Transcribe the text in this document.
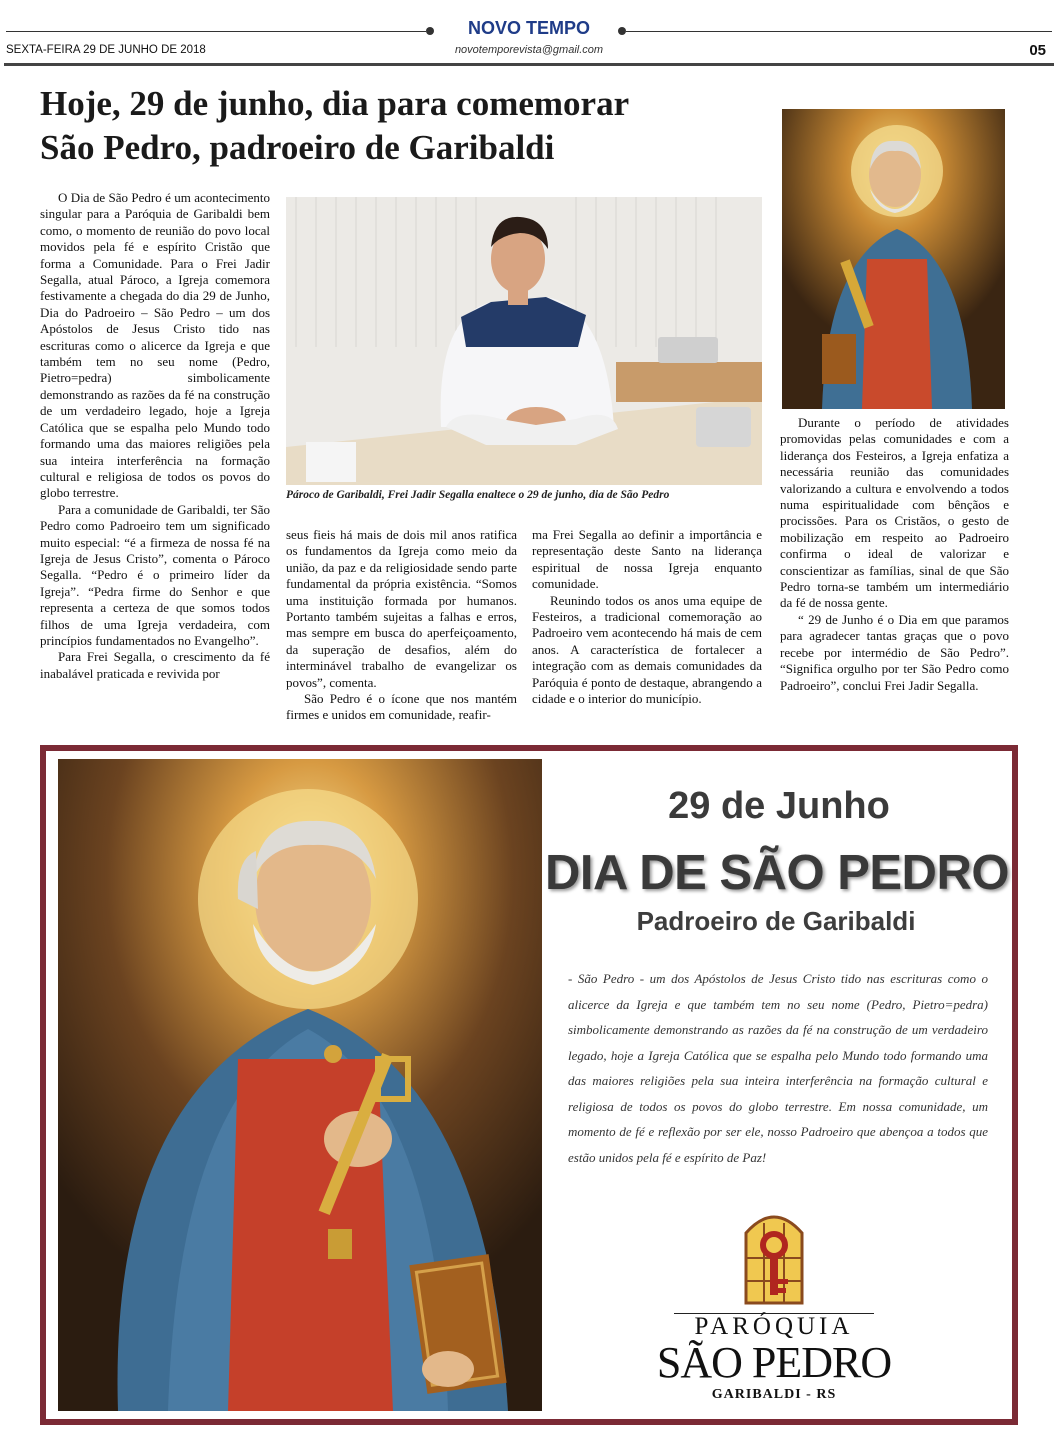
NOVO TEMPO
SEXTA-FEIRA 29 DE JUNHO DE 2018	novotemporevista@gmail.com	05
Hoje, 29 de junho, dia para comemorar
São Pedro, padroeiro de Garibaldi

O Dia de São Pedro é um acontecimento singular para a Paróquia de Garibaldi bem como, o momento de reunião do povo local movidos pela fé e espírito Cristão que forma a Comunidade. Para o Frei Jadir Segalla, atual Pároco, a Igreja comemora festivamente a chegada do dia 29 de Junho, Dia do Padroeiro – São Pedro – um dos Apóstolos de Jesus Cristo tido nas escrituras como o alicerce da Igreja e que também tem no seu nome (Pedro, Pietro=pedra) simbolicamente demonstrando as razões da fé na construção de um verdadeiro legado, hoje a Igreja Católica que se espalha pelo Mundo todo formando uma das maiores religiões pela sua inteira interferência na formação cultural e religiosa de todos os povos do globo terrestre.

Para a comunidade de Garibaldi, ter São Pedro como Padroeiro tem um significado muito especial: “é a firmeza de nossa fé na Igreja de Jesus Cristo”, comenta o Pároco Segalla. “Pedro é o primeiro líder da Igreja”. “Pedra firme do Senhor e que representa a certeza de que somos todos filhos de uma Igreja verdadeira, com princípios fundamentados no Evangelho”.

Para Frei Segalla, o crescimento da fé inabalável praticada e revivida por

Pároco de Garibaldi, Frei Jadir Segalla enaltece o 29 de junho, dia de São Pedro

seus fieis há mais de dois mil anos ratifica os fundamentos da Igreja como meio da união, da paz e da religiosidade sendo parte fundamental da própria existência. “Somos uma instituição formada por humanos. Portanto também sujeitas a falhas e erros, mas sempre em busca do aperfeiçoamento, da superação de desafios, além do interminável trabalho de evangelizar os povos”, comenta.

São Pedro é o ícone que nos mantém firmes e unidos em comunidade, reafir-

ma Frei Segalla ao definir a importância e representação deste Santo na liderança espiritual de nossa Igreja enquanto comunidade.

Reunindo todos os anos uma equipe de Festeiros, a tradicional comemoração ao Padroeiro vem acontecendo há mais de cem anos. A característica de fortalecer a integração com as demais comunidades da Paróquia é ponto de destaque, abrangendo a cidade e o interior do município.

Durante o período de atividades promovidas pelas comunidades e com a liderança dos Festeiros, a Igreja enfatiza a necessária reunião das comunidades valorizando a cultura e envolvendo a todos numa espiritualidade com bênçãos e procissões. Para os Cristãos, o gesto de mobilização em respeito ao Padroeiro confirma o ideal de valorizar e conscientizar as famílias, sinal de que São Pedro torna-se também um intermediário da fé de nossa gente.

“ 29 de Junho é o Dia em que paramos para agradecer tantas graças que o povo recebe por intermédio de São Pedro”. “Significa orgulho por ter São Pedro como Padroeiro”, conclui Frei Jadir Segalla.

29 de Junho
DIA DE SÃO PEDRO
Padroeiro de Garibaldi
- São Pedro - um dos Apóstolos de Jesus Cristo tido nas escrituras como o alicerce da Igreja e que também tem no seu nome (Pedro, Pietro=pedra) simbolicamente demonstrando as razões da fé na construção de um verdadeiro legado, hoje a Igreja Católica que se espalha pelo Mundo todo formando uma das maiores religiões pela sua inteira interferência na formação cultural e religiosa de todos os povos do globo terrestre. Em nossa comunidade, um momento de fé e reflexão por ser ele, nosso Padroeiro que abençoa a todos que estão unidos pela fé e espírito de Paz!
PARÓQUIA
SÃO PEDRO
GARIBALDI - RS
